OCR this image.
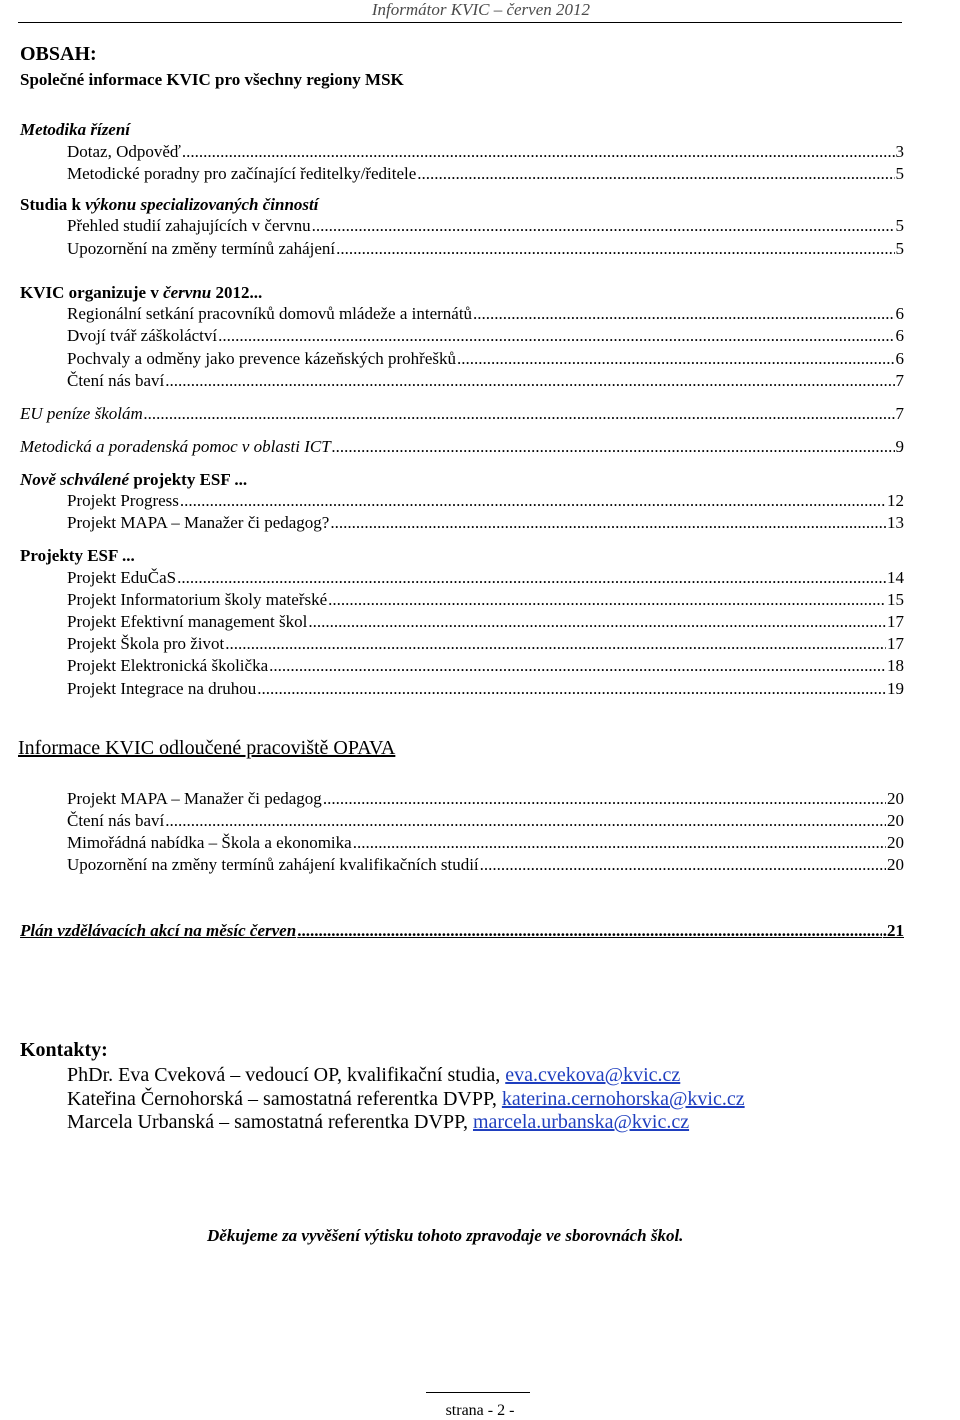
Informátor KVIC – červen 2012
OBSAH:
Společné informace KVIC pro všechny regiony MSK
Metodika řízení
Dotaz, Odpověď .....	3
Metodické poradny pro začínající ředitelky/ředitele .....	5
Studia k výkonu specializovaných činností
Přehled studií zahajujících v červnu .....	5
Upozornění na změny termínů zahájení .....	5
KVIC organizuje v červnu 2012...
Regionální setkání pracovníků domovů mládeže a internátů .....	6
Dvojí tvář záškoláctví .....	6
Pochvaly a odměny jako prevence kázeňských prohřešků .....	6
Čtení nás baví .....	7
EU peníze školám .....	7
Metodická a poradenská pomoc v oblasti ICT .....	9
Nově schválené projekty ESF ...
Projekt Progress .....	12
Projekt MAPA – Manažer či pedagog? .....	13
Projekty ESF ...
Projekt EduČaS .....	14
Projekt Informatorium školy mateřské .....	15
Projekt Efektivní management škol .....	17
Projekt Škola pro život .....	17
Projekt Elektronická školička .....	18
Projekt Integrace na druhou .....	19
Informace KVIC odloučené pracoviště OPAVA
Projekt MAPA – Manažer či pedagog .....	20
Čtení nás baví .....	20
Mimořádná nabídka – Škola a ekonomika .....	20
Upozornění na změny termínů zahájení kvalifikačních studií .....	20
Plán vzdělávacích akcí na měsíc červen .....	.21
Kontakty:
PhDr. Eva Cveková – vedoucí OP, kvalifikační studia, eva.cvekova@kvic.cz
Kateřina Černohorská – samostatná referentka DVPP, katerina.cernohorska@kvic.cz
Marcela Urbanská – samostatná referentka DVPP, marcela.urbanska@kvic.cz
Děkujeme za vyvěšení výtisku tohoto zpravodaje ve sborovnách škol.
strana - 2 -
